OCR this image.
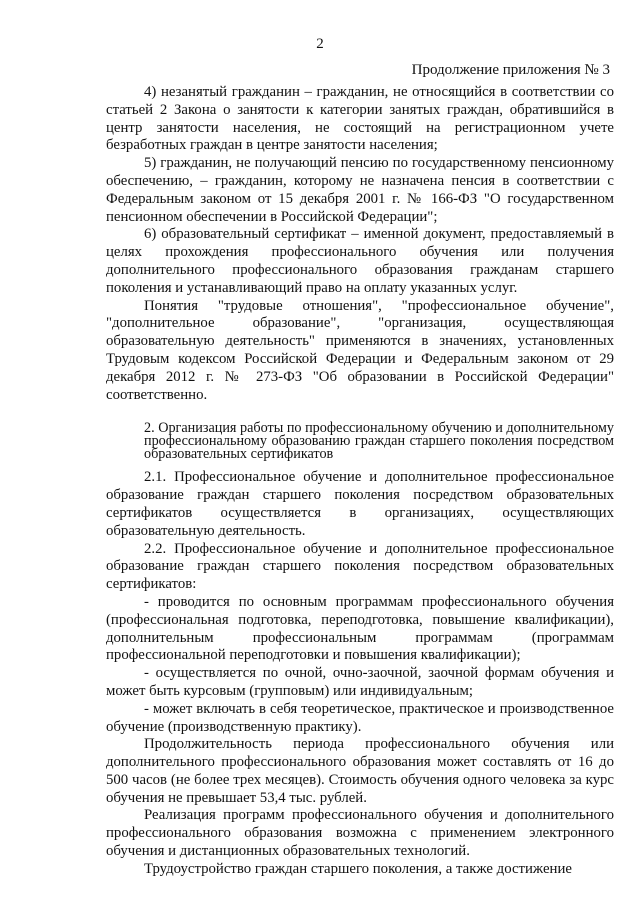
2
Продолжение приложения № 3

4) незанятый гражданин – гражданин, не относящийся в соответствии со статьей 2 Закона о занятости к категории занятых граждан, обратившийся в центр занятости населения, не состоящий на регистрационном учете безработных граждан в центре занятости населения;

5) гражданин, не получающий пенсию по государственному пенсионному обеспечению, – гражданин, которому не назначена пенсия в соответствии с Федеральным законом от 15 декабря 2001 г. № 166-ФЗ "О государственном пенсионном обеспечении в Российской Федерации";

6) образовательный сертификат – именной документ, предоставляемый в целях прохождения профессионального обучения или получения дополнительного профессионального образования гражданам старшего поколения и устанавливающий право на оплату указанных услуг.

Понятия "трудовые отношения", "профессиональное обучение", "дополнительное образование", "организация, осуществляющая образовательную деятельность" применяются в значениях, установленных Трудовым кодексом Российской Федерации и Федеральным законом от 29 декабря 2012 г. № 273-ФЗ "Об образовании в Российской Федерации" соответственно.

2. Организация работы по профессиональному обучению и дополнительному профессиональному образованию граждан старшего поколения посредством образовательных сертификатов

2.1. Профессиональное обучение и дополнительное профессиональное образование граждан старшего поколения посредством образовательных сертификатов осуществляется в организациях, осуществляющих образовательную деятельность.

2.2. Профессиональное обучение и дополнительное профессиональное образование граждан старшего поколения посредством образовательных сертификатов:

- проводится по основным программам профессионального обучения (профессиональная подготовка, переподготовка, повышение квалификации), дополнительным профессиональным программам (программам профессиональной переподготовки и повышения квалификации);

- осуществляется по очной, очно-заочной, заочной формам обучения и может быть курсовым (групповым) или индивидуальным;

- может включать в себя теоретическое, практическое и производственное обучение (производственную практику).

Продолжительность периода профессионального обучения или дополнительного профессионального образования может составлять от 16 до 500 часов (не более трех месяцев). Стоимость обучения одного человека за курс обучения не превышает 53,4 тыс. рублей.

Реализация программ профессионального обучения и дополнительного профессионального образования возможна с применением электронного обучения и дистанционных образовательных технологий.

Трудоустройство граждан старшего поколения, а также достижение
